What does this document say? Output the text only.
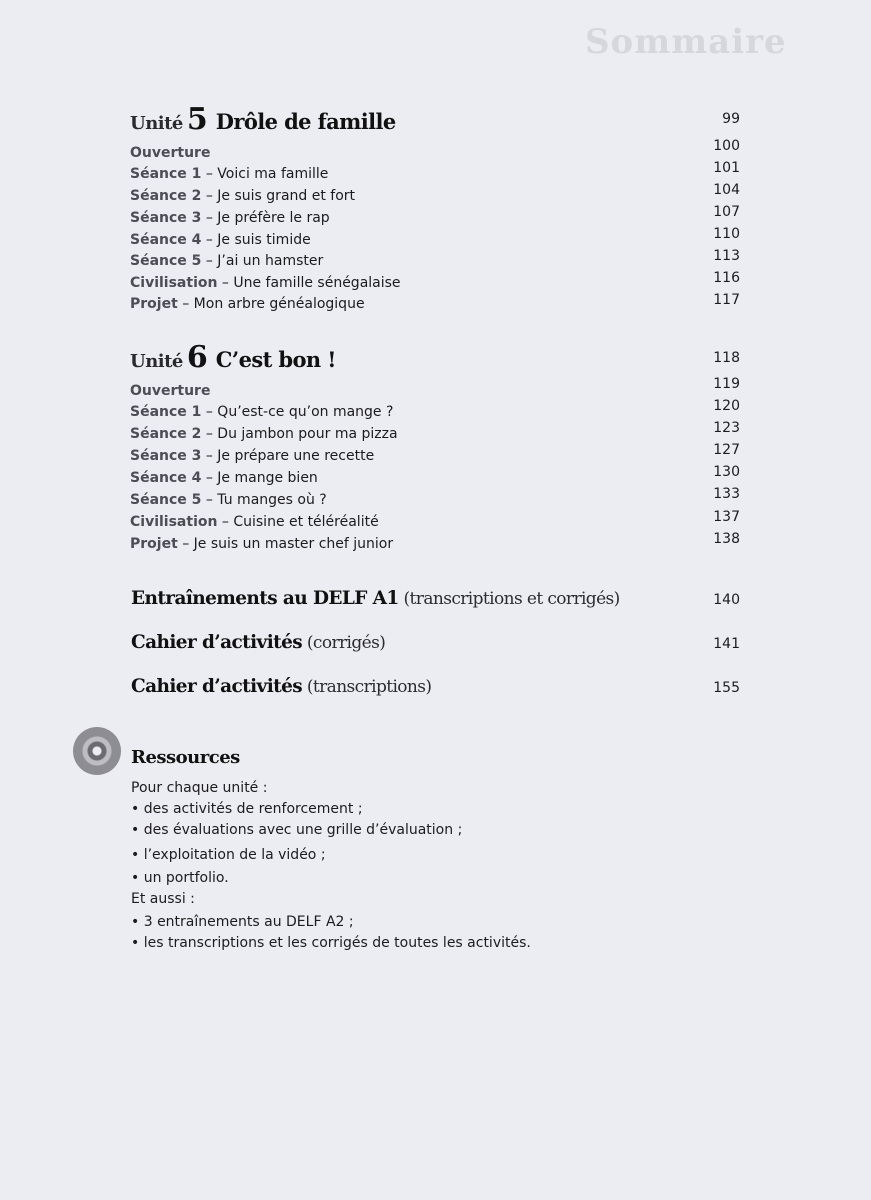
Sommaire
Unité 5 Drôle de famille	99
Ouverture	100
Séance 1 – Voici ma famille	101
Séance 2 – Je suis grand et fort	104
Séance 3 – Je préfère le rap	107
Séance 4 – Je suis timide	110
Séance 5 – J’ai un hamster	113
Civilisation – Une famille sénégalaise	116
Projet – Mon arbre généalogique	117
Unité 6 C’est bon !	118
Ouverture	119
Séance 1 – Qu’est-ce qu’on mange ?	120
Séance 2 – Du jambon pour ma pizza	123
Séance 3 – Je prépare une recette	127
Séance 4 – Je mange bien	130
Séance 5 – Tu manges où ?	133
Civilisation – Cuisine et téléréalité	137
Projet – Je suis un master chef junior	138
Entraînements au DELF A1 (transcriptions et corrigés)	140
Cahier d’activités (corrigés)	141
Cahier d’activités (transcriptions)	155
Ressources
Pour chaque unité :
• des activités de renforcement ;
• des évaluations avec une grille d’évaluation ;
• l’exploitation de la vidéo ;
• un portfolio.
Et aussi :
• 3 entraînements au DELF A2 ;
• les transcriptions et les corrigés de toutes les activités.
